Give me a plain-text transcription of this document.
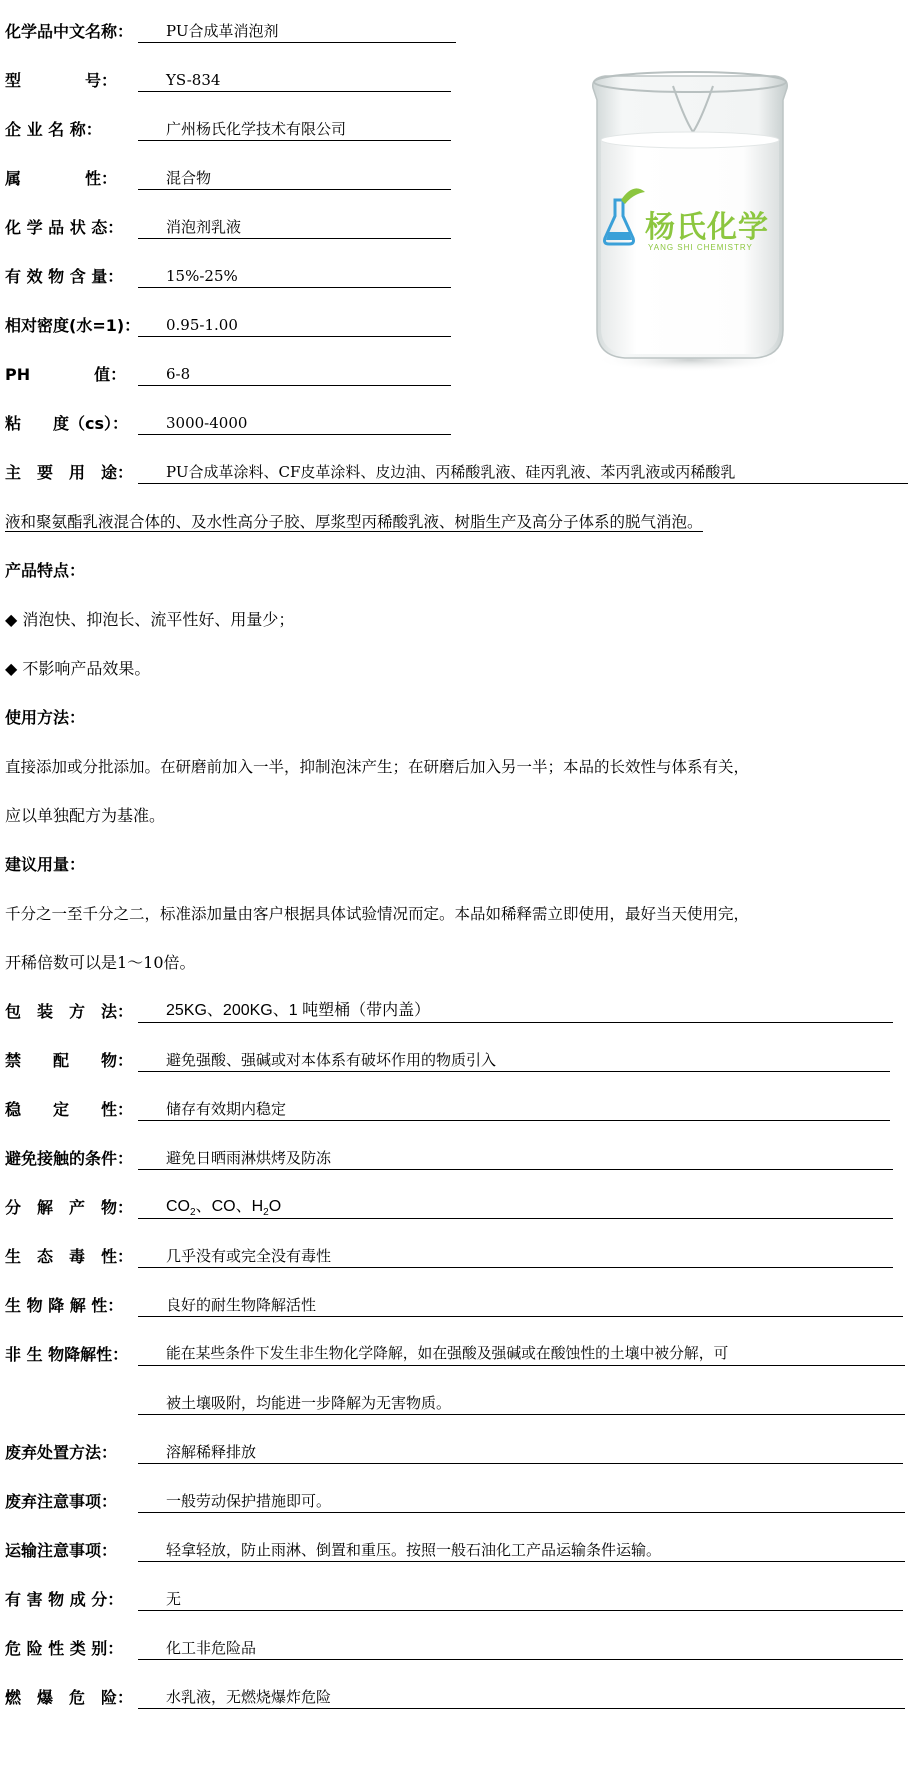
化学品中文名称：	PU合成革消泡剂
型　　　　号：	YS-834
企 业 名 称：	广州杨氏化学技术有限公司
属　　　　性：	混合物
化 学 品 状 态：	消泡剂乳液
有 效 物 含 量：	15%-25%
相对密度(水=1)：	0.95-1.00
PH　　　　值：	6-8
粘　　度（cs）：	3000-4000
杨氏化学
YANG SHI CHEMISTRY
主　要　用　途：	PU合成革涂料、CF皮革涂料、皮边油、丙稀酸乳液、硅丙乳液、苯丙乳液或丙稀酸乳
液和聚氨酯乳液混合体的、及水性高分子胶、厚浆型丙稀酸乳液、树脂生产及高分子体系的脱气消泡。
产品特点：
◆ 消泡快、抑泡长、流平性好、用量少；
◆ 不影响产品效果。
使用方法：
直接添加或分批添加。在研磨前加入一半，抑制泡沫产生；在研磨后加入另一半；本品的长效性与体系有关，
应以单独配方为基准。
建议用量：
千分之一至千分之二，标准添加量由客户根据具体试验情况而定。本品如稀释需立即使用，最好当天使用完，
开稀倍数可以是1～10倍。
包　装　方　法：	25KG、200KG、1 吨塑桶（带内盖）
禁　　配　　物：	避免强酸、强碱或对本体系有破坏作用的物质引入
稳　　定　　性：	储存有效期内稳定
避免接触的条件：	避免日晒雨淋烘烤及防冻
分　解　产　物：	$CO_2$、CO、$H_2O$
生　态　毒　性：	几乎没有或完全没有毒性
生 物 降 解 性：	良好的耐生物降解活性
非 生 物降解性：	能在某些条件下发生非生物化学降解，如在强酸及强碱或在酸蚀性的土壤中被分解，可
被土壤吸附，均能进一步降解为无害物质。
废弃处置方法：	溶解稀释排放
废弃注意事项：	一般劳动保护措施即可。
运输注意事项：	轻拿轻放，防止雨淋、倒置和重压。按照一般石油化工产品运输条件运输。
有 害 物 成 分：	无
危 险 性 类 别：	化工非危险品
燃　爆　危　险：	水乳液，无燃烧爆炸危险
